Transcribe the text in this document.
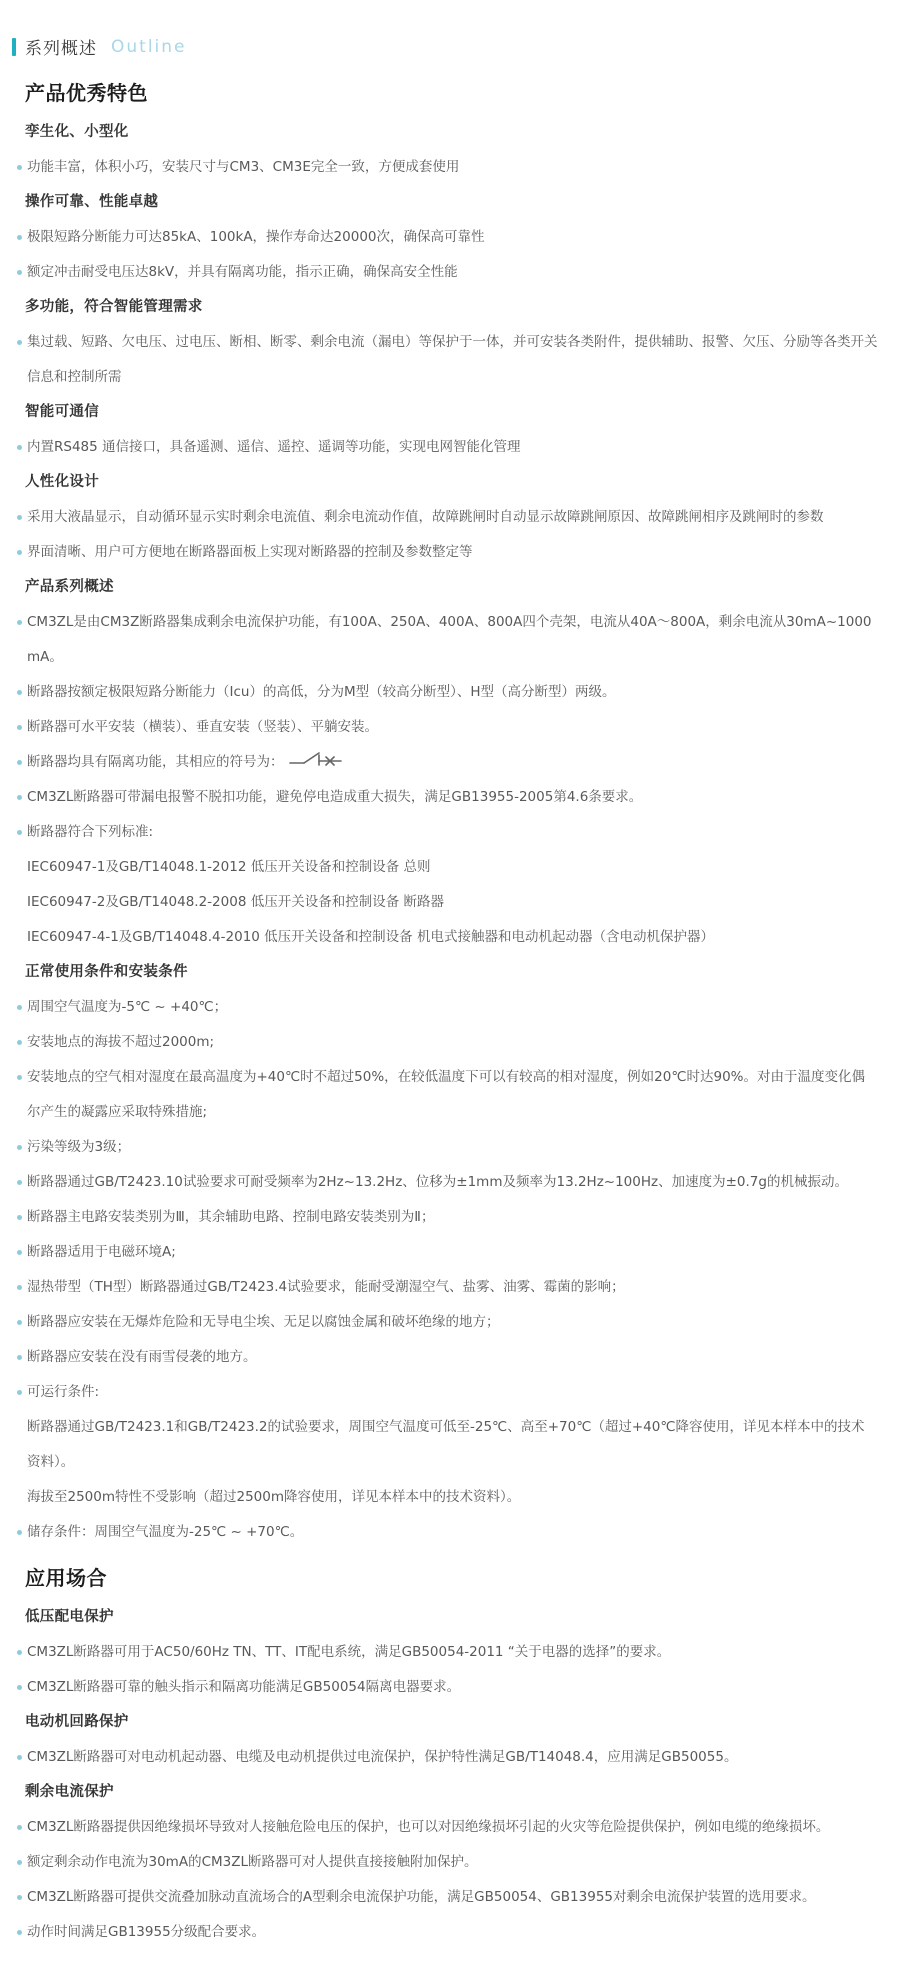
系列概述 Outline
产品优秀特色
孪生化、小型化
功能丰富，体积小巧，安装尺寸与CM3、CM3E完全一致，方便成套使用
操作可靠、性能卓越
极限短路分断能力可达85kA、100kA，操作寿命达20000次，确保高可靠性
额定冲击耐受电压达8kV，并具有隔离功能，指示正确，确保高安全性能
多功能，符合智能管理需求
集过载、短路、欠电压、过电压、断相、断零、剩余电流（漏电）等保护于一体，并可安装各类附件，提供辅助、报警、欠压、分励等各类开关信息和控制所需
智能可通信
内置RS485 通信接口，具备遥测、遥信、遥控、遥调等功能，实现电网智能化管理
人性化设计
采用大液晶显示，自动循环显示实时剩余电流值、剩余电流动作值，故障跳闸时自动显示故障跳闸原因、故障跳闸相序及跳闸时的参数
界面清晰、用户可方便地在断路器面板上实现对断路器的控制及参数整定等
产品系列概述
CM3ZL是由CM3Z断路器集成剩余电流保护功能，有100A、250A、400A、800A四个壳架，电流从40A～800A，剩余电流从30mA~1000mA。
断路器按额定极限短路分断能力（Icu）的高低，分为M型（较高分断型）、H型（高分断型）两级。
断路器可水平安装（横装）、垂直安装（竖装）、平躺安装。
断路器均具有隔离功能，其相应的符号为：
CM3ZL断路器可带漏电报警不脱扣功能，避免停电造成重大损失，满足GB13955-2005第4.6条要求。
断路器符合下列标准:
IEC60947-1及GB/T14048.1-2012 低压开关设备和控制设备 总则
IEC60947-2及GB/T14048.2-2008 低压开关设备和控制设备 断路器
IEC60947-4-1及GB/T14048.4-2010 低压开关设备和控制设备 机电式接触器和电动机起动器（含电动机保护器）
正常使用条件和安装条件
周围空气温度为-5℃ ~ +40℃；
安装地点的海拔不超过2000m;
安装地点的空气相对湿度在最高温度为+40℃时不超过50%，在较低温度下可以有较高的相对湿度，例如20℃时达90%。对由于温度变化偶尔产生的凝露应采取特殊措施;
污染等级为3级；
断路器通过GB/T2423.10试验要求可耐受频率为2Hz~13.2Hz、位移为±1mm及频率为13.2Hz~100Hz、加速度为±0.7g的机械振动。
断路器主电路安装类别为Ⅲ，其余辅助电路、控制电路安装类别为Ⅱ；
断路器适用于电磁环境A;
湿热带型（TH型）断路器通过GB/T2423.4试验要求，能耐受潮湿空气、盐雾、油雾、霉菌的影响；
断路器应安装在无爆炸危险和无导电尘埃、无足以腐蚀金属和破坏绝缘的地方；
断路器应安装在没有雨雪侵袭的地方。
可运行条件:
断路器通过GB/T2423.1和GB/T2423.2的试验要求，周围空气温度可低至-25℃、高至+70℃（超过+40℃降容使用，详见本样本中的技术资料）。
海拔至2500m特性不受影响（超过2500m降容使用，详见本样本中的技术资料）。
储存条件：周围空气温度为-25℃ ~ +70℃。
应用场合
低压配电保护
CM3ZL断路器可用于AC50/60Hz TN、TT、IT配电系统，满足GB50054-2011 “关于电器的选择”的要求。
CM3ZL断路器可靠的触头指示和隔离功能满足GB50054隔离电器要求。
电动机回路保护
CM3ZL断路器可对电动机起动器、电缆及电动机提供过电流保护，保护特性满足GB/T14048.4，应用满足GB50055。
剩余电流保护
CM3ZL断路器提供因绝缘损坏导致对人接触危险电压的保护，也可以对因绝缘损坏引起的火灾等危险提供保护，例如电缆的绝缘损坏。
额定剩余动作电流为30mA的CM3ZL断路器可对人提供直接接触附加保护。
CM3ZL断路器可提供交流叠加脉动直流场合的A型剩余电流保护功能，满足GB50054、GB13955对剩余电流保护装置的选用要求。
动作时间满足GB13955分级配合要求。
